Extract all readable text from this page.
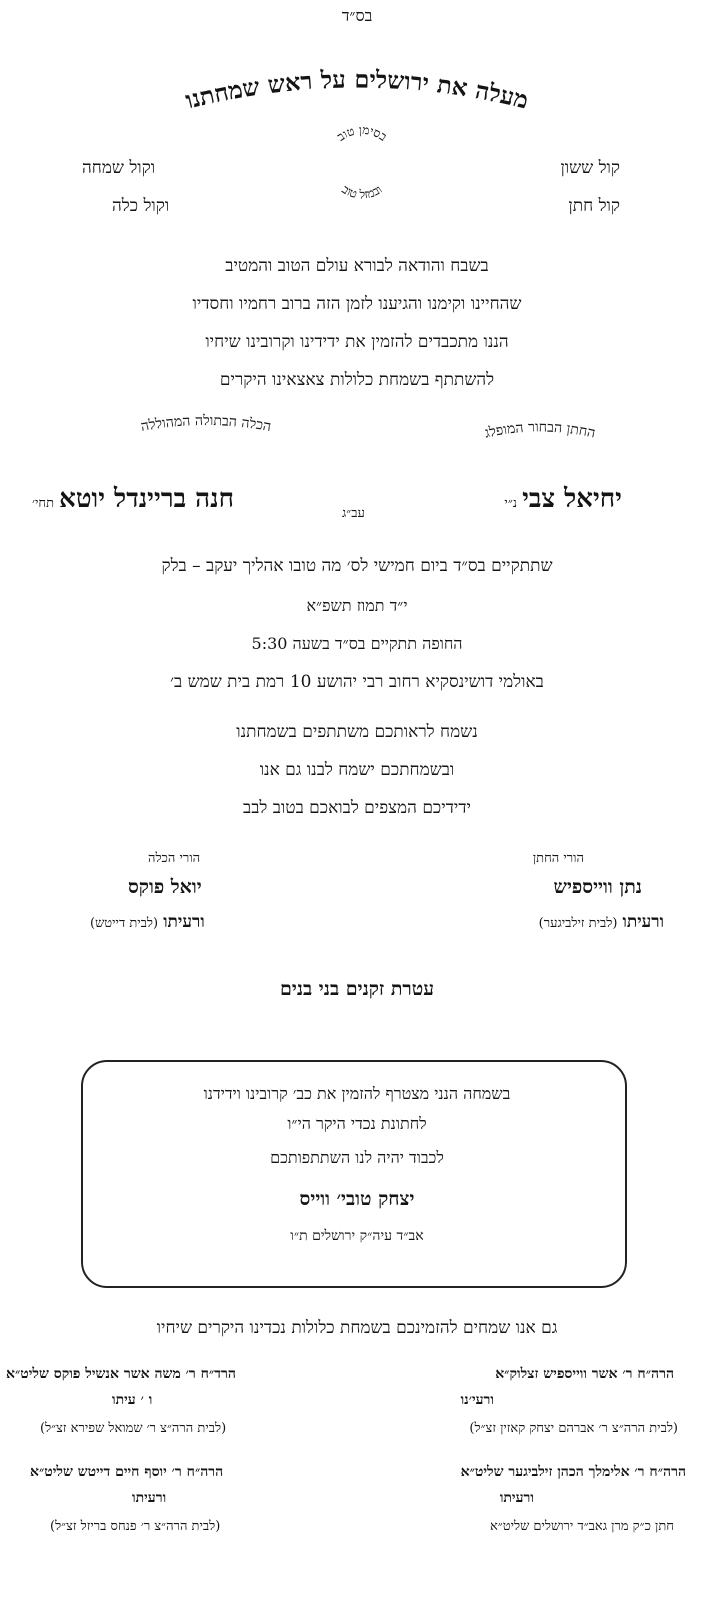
בס״ד
מעלה את ירושלים על ראש שמחתנו
בסימן טוב
ובמזל טוב
קול ששון
קול חתן
וקול שמחה
וקול כלה
בשבח והודאה לבורא עולם הטוב והמטיב
שהחיינו וקימנו והגיענו לזמן הזה ברוב רחמיו וחסדיו
הננו מתכבדים להזמין את ידידינו וקרובינו שיחיו
להשתתף בשמחת כלולות צאצאינו היקרים
החתן הבחור המופלג
הכלה הבתולה המהוללה
יחיאל צבי נ״י
עב״ג
חנה בריינדל יוטא תחי׳
שתתקיים בס״ד ביום חמישי לס׳ מה טובו אהליך יעקב – בלק
י״ד תמוז תשפ״א
החופה תתקיים בס״ד בשעה 5:30
באולמי דושינסקיא רחוב רבי יהושע 10 רמת בית שמש ב׳
נשמח לראותכם משתתפים בשמחתנו
ובשמחתכם ישמח לבנו גם אנו
ידידיכם המצפים לבואכם בטוב לבב
הורי החתן
נתן ווייספיש
ורעיתו (לבית זילביגער)
הורי הכלה
יואל פוקס
ורעיתו (לבית דייטש)
עטרת זקנים בני בנים
בשמחה הנני מצטרף להזמין את כב׳ קרובינו וידידנו
לחתונת נכדי היקר הי״ו
לכבוד יהיה לנו השתתפותכם
יצחק טובי׳ ווייס
אב״ד עיה״ק ירושלים ת״ו
גם אנו שמחים להזמינכם בשמחת כלולות נכדינו היקרים שיחיו
הרה״ח ר׳ אשר ווייספיש זצלוק״א
ורעי׳נו
(לבית הרה״צ ר׳ אברהם יצחק קאזין זצ״ל)
הרד״ח ר׳ משה אשר אנשיל פוקס שליט״א
ו ׳ עיתו
(לבית הרה״צ ר׳ שמואל שפירא זצ״ל)
הרה״ח ר׳ אלימלך הכהן זילביגער שליט״א
ורעיתו
חתן כ״ק מרן גאב״ד ירושלים שליט״א
הרה״ח ר׳ יוסף חיים דייטש שליט״א
ורעיתו
(לבית הרה״צ ר׳ פנחס בריזל זצ״ל)
